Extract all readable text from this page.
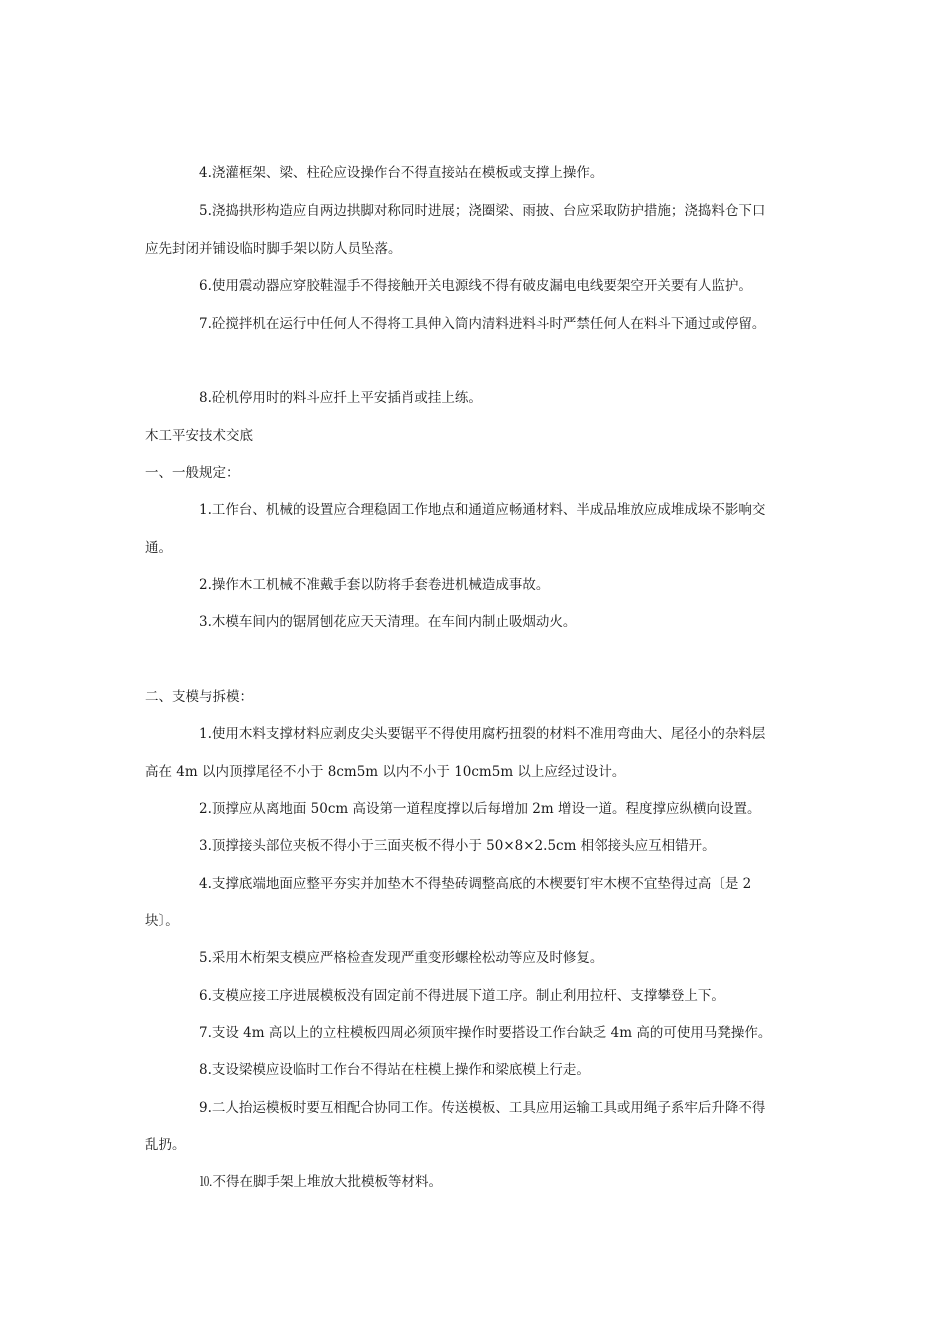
4.浇灌框架、梁、柱砼应设操作台不得直接站在模板或支撑上操作。

5.浇捣拱形构造应自两边拱脚对称同时进展；浇圈梁、雨披、台应采取防护措施；浇捣料仓下口

应先封闭并铺设临时脚手架以防人员坠落。

6.使用震动器应穿胶鞋湿手不得接触开关电源线不得有破皮漏电电线要架空开关要有人监护。

7.砼搅拌机在运行中任何人不得将工具伸入筒内清料进料斗时严禁任何人在料斗下通过或停留。

8.砼机停用时的料斗应扦上平安插肖或挂上练。

木工平安技术交底

一、一般规定：

1.工作台、机械的设置应合理稳固工作地点和通道应畅通材料、半成品堆放应成堆成垛不影响交

通。

2.操作木工机械不准戴手套以防将手套卷进机械造成事故。

3.木模车间内的锯屑刨花应天天清理。在车间内制止吸烟动火。

二、支模与拆模：

1.使用木料支撑材料应剥皮尖头要锯平不得使用腐朽扭裂的材料不准用弯曲大、尾径小的杂料层

高在 4m 以内顶撑尾径不小于 8cm5m 以内不小于 10cm5m 以上应经过设计。

2.顶撑应从离地面 50cm 高设第一道程度撑以后每增加 2m 增设一道。程度撑应纵横向设置。

3.顶撑接头部位夹板不得小于三面夹板不得小于 50×8×2.5cm 相邻接头应互相错开。

4.支撑底端地面应整平夯实并加垫木不得垫砖调整高底的木楔要钉牢木楔不宜垫得过高〔是 2

块〕。

5.采用木桁架支模应严格检查发现严重变形螺栓松动等应及时修复。

6.支模应接工序进展模板没有固定前不得进展下道工序。制止利用拉杆、支撑攀登上下。

7.支设 4m 高以上的立柱模板四周必须顶牢操作时要搭设工作台缺乏 4m 高的可使用马凳操作。

8.支设梁模应设临时工作台不得站在柱模上操作和梁底模上行走。

9.二人抬运模板时要互相配合协同工作。传送模板、工具应用运输工具或用绳子系牢后升降不得

乱扔。

⒑不得在脚手架上堆放大批模板等材料。
